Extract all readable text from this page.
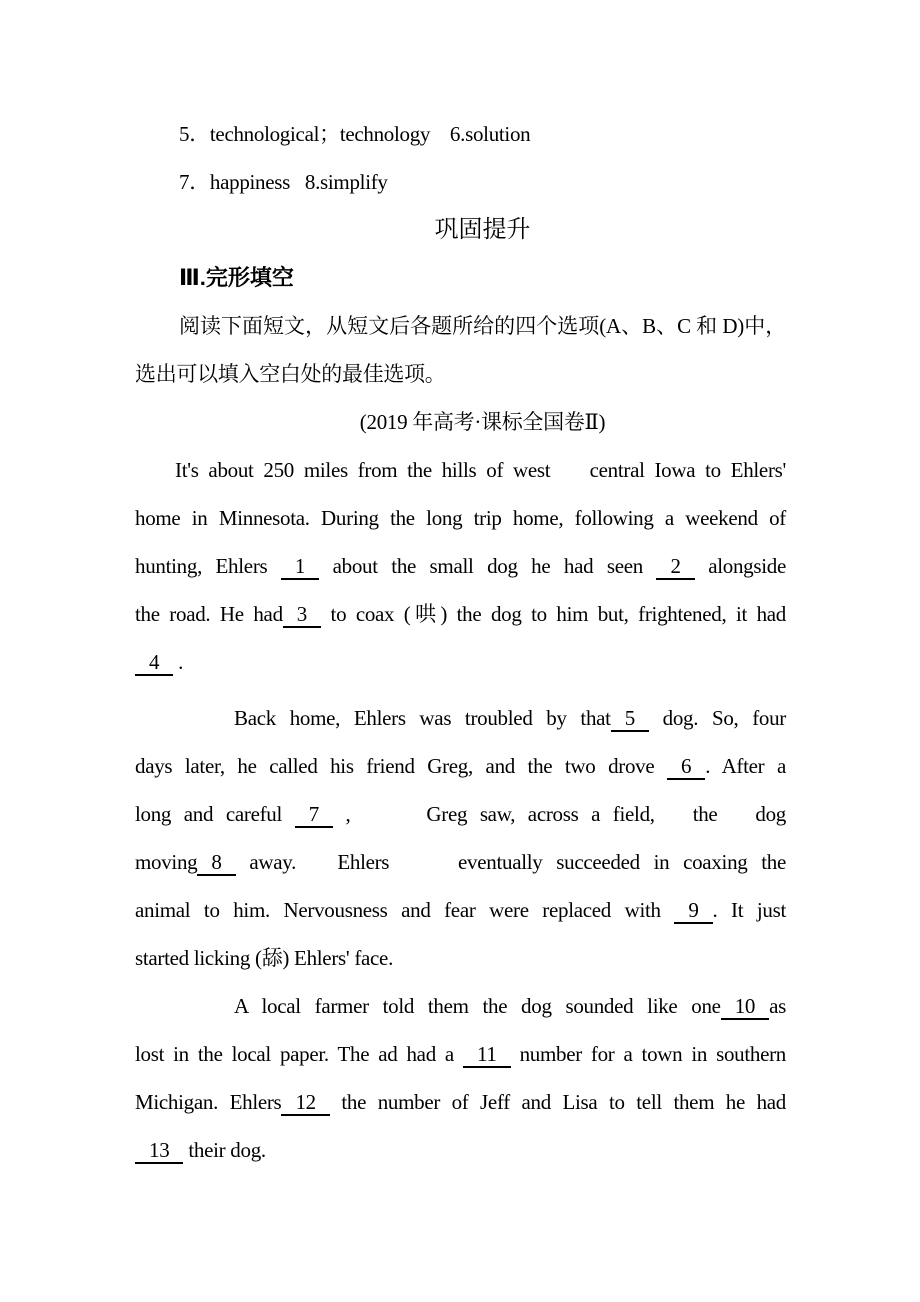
5．technological；technology    6.solution
7．happiness   8.simplify
巩固提升
Ⅲ.完形填空
阅读下面短文，从短文后各题所给的四个选项(A、B、C 和 D)中，
选出可以填入空白处的最佳选项。
(2019 年高考·课标全国卷Ⅱ)
It's about 250 miles from the hills of west    central Iowa to Ehlers'
home in Minnesota. During the long trip home, following a weekend of
hunting, Ehlers 1 about the small dog he had seen 2 alongside
the road. He had 3 to coax (哄) the dog to him but, frightened, it had
4 .
Back home, Ehlers was troubled by that 5 dog. So, four
days later, he called his friend Greg, and the two drove 6 . After a
long and careful 7 ,      Greg saw, across a field,   the   dog
moving 8 away.   Ehlers     eventually succeeded in coaxing the
animal to him. Nervousness and fear were replaced with 9 . It just
started licking (舔) Ehlers' face.
A local farmer told them the dog sounded like one 10 as
lost in the local paper. The ad had a 11 number for a town in southern
Michigan. Ehlers 12 the number of Jeff and Lisa to tell them he had
13 their dog.
